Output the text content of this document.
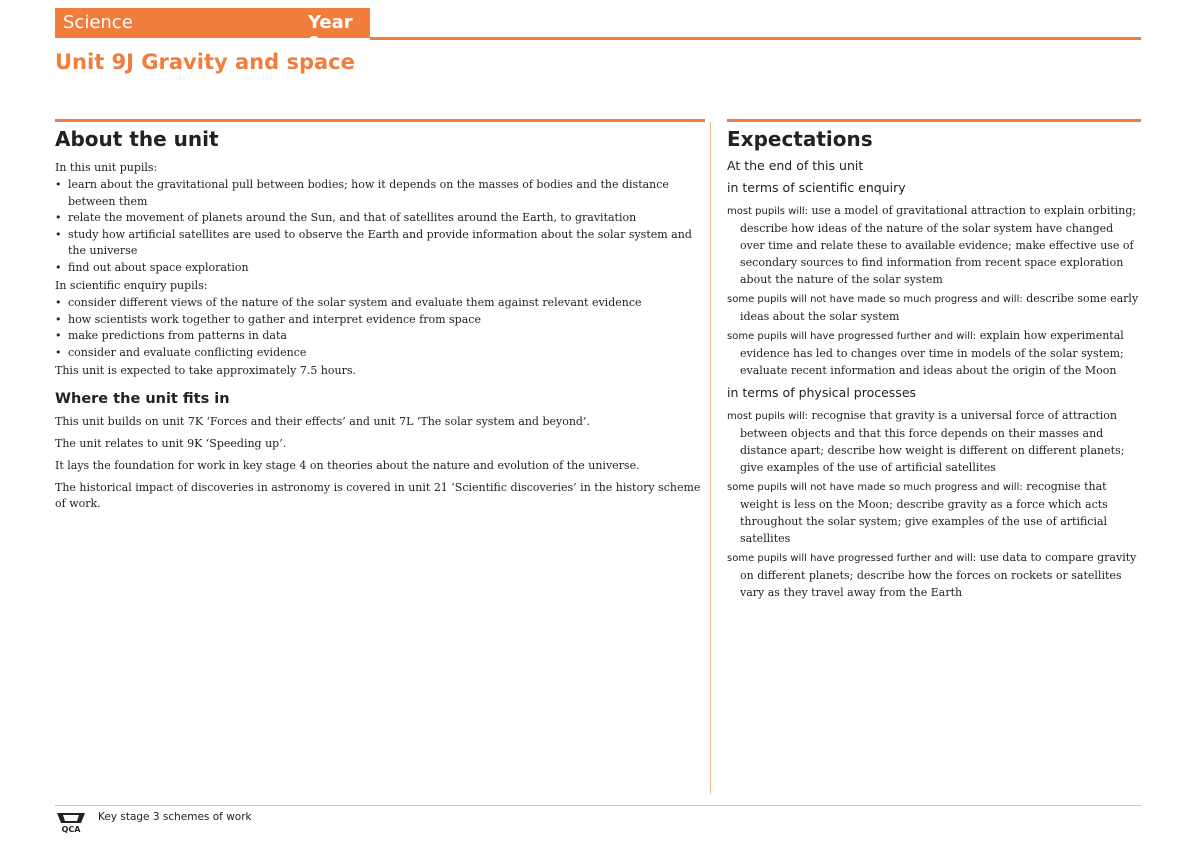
Science	Year 9
Unit 9J Gravity and space
About the unit

In this unit pupils:

• learn about the gravitational pull between bodies; how it depends on the masses of bodies and the distance between them
• relate the movement of planets around the Sun, and that of satellites around the Earth, to gravitation
• study how artificial satellites are used to observe the Earth and provide information about the solar system and the universe
• find out about space exploration

In scientific enquiry pupils:

• consider different views of the nature of the solar system and evaluate them against relevant evidence
• how scientists work together to gather and interpret evidence from space
• make predictions from patterns in data
• consider and evaluate conflicting evidence

This unit is expected to take approximately 7.5 hours.

Where the unit fits in

This unit builds on unit 7K ‘Forces and their effects’ and unit 7L ‘The solar system and beyond’.

The unit relates to unit 9K ‘Speeding up’.

It lays the foundation for work in key stage 4 on theories about the nature and evolution of the universe.

The historical impact of discoveries in astronomy is covered in unit 21 ‘Scientific discoveries’ in the history scheme of work.

Expectations
At the end of this unit
in terms of scientific enquiry
most pupils will: use a model of gravitational attraction to explain orbiting; describe how ideas of the nature of the solar system have changed over time and relate these to available evidence; make effective use of secondary sources to find information from recent space exploration about the nature of the solar system
some pupils will not have made so much progress and will: describe some early ideas about the solar system
some pupils will have progressed further and will: explain how experimental evidence has led to changes over time in models of the solar system; evaluate recent information and ideas about the origin of the Moon
in terms of physical processes
most pupils will: recognise that gravity is a universal force of attraction between objects and that this force depends on their masses and distance apart; describe how weight is different on different planets; give examples of the use of artificial satellites
some pupils will not have made so much progress and will: recognise that weight is less on the Moon; describe gravity as a force which acts throughout the solar system; give examples of the use of artificial satellites
some pupils will have progressed further and will: use data to compare gravity on different planets; describe how the forces on rockets or satellites vary as they travel away from the Earth
QCA
Key stage 3 schemes of work
